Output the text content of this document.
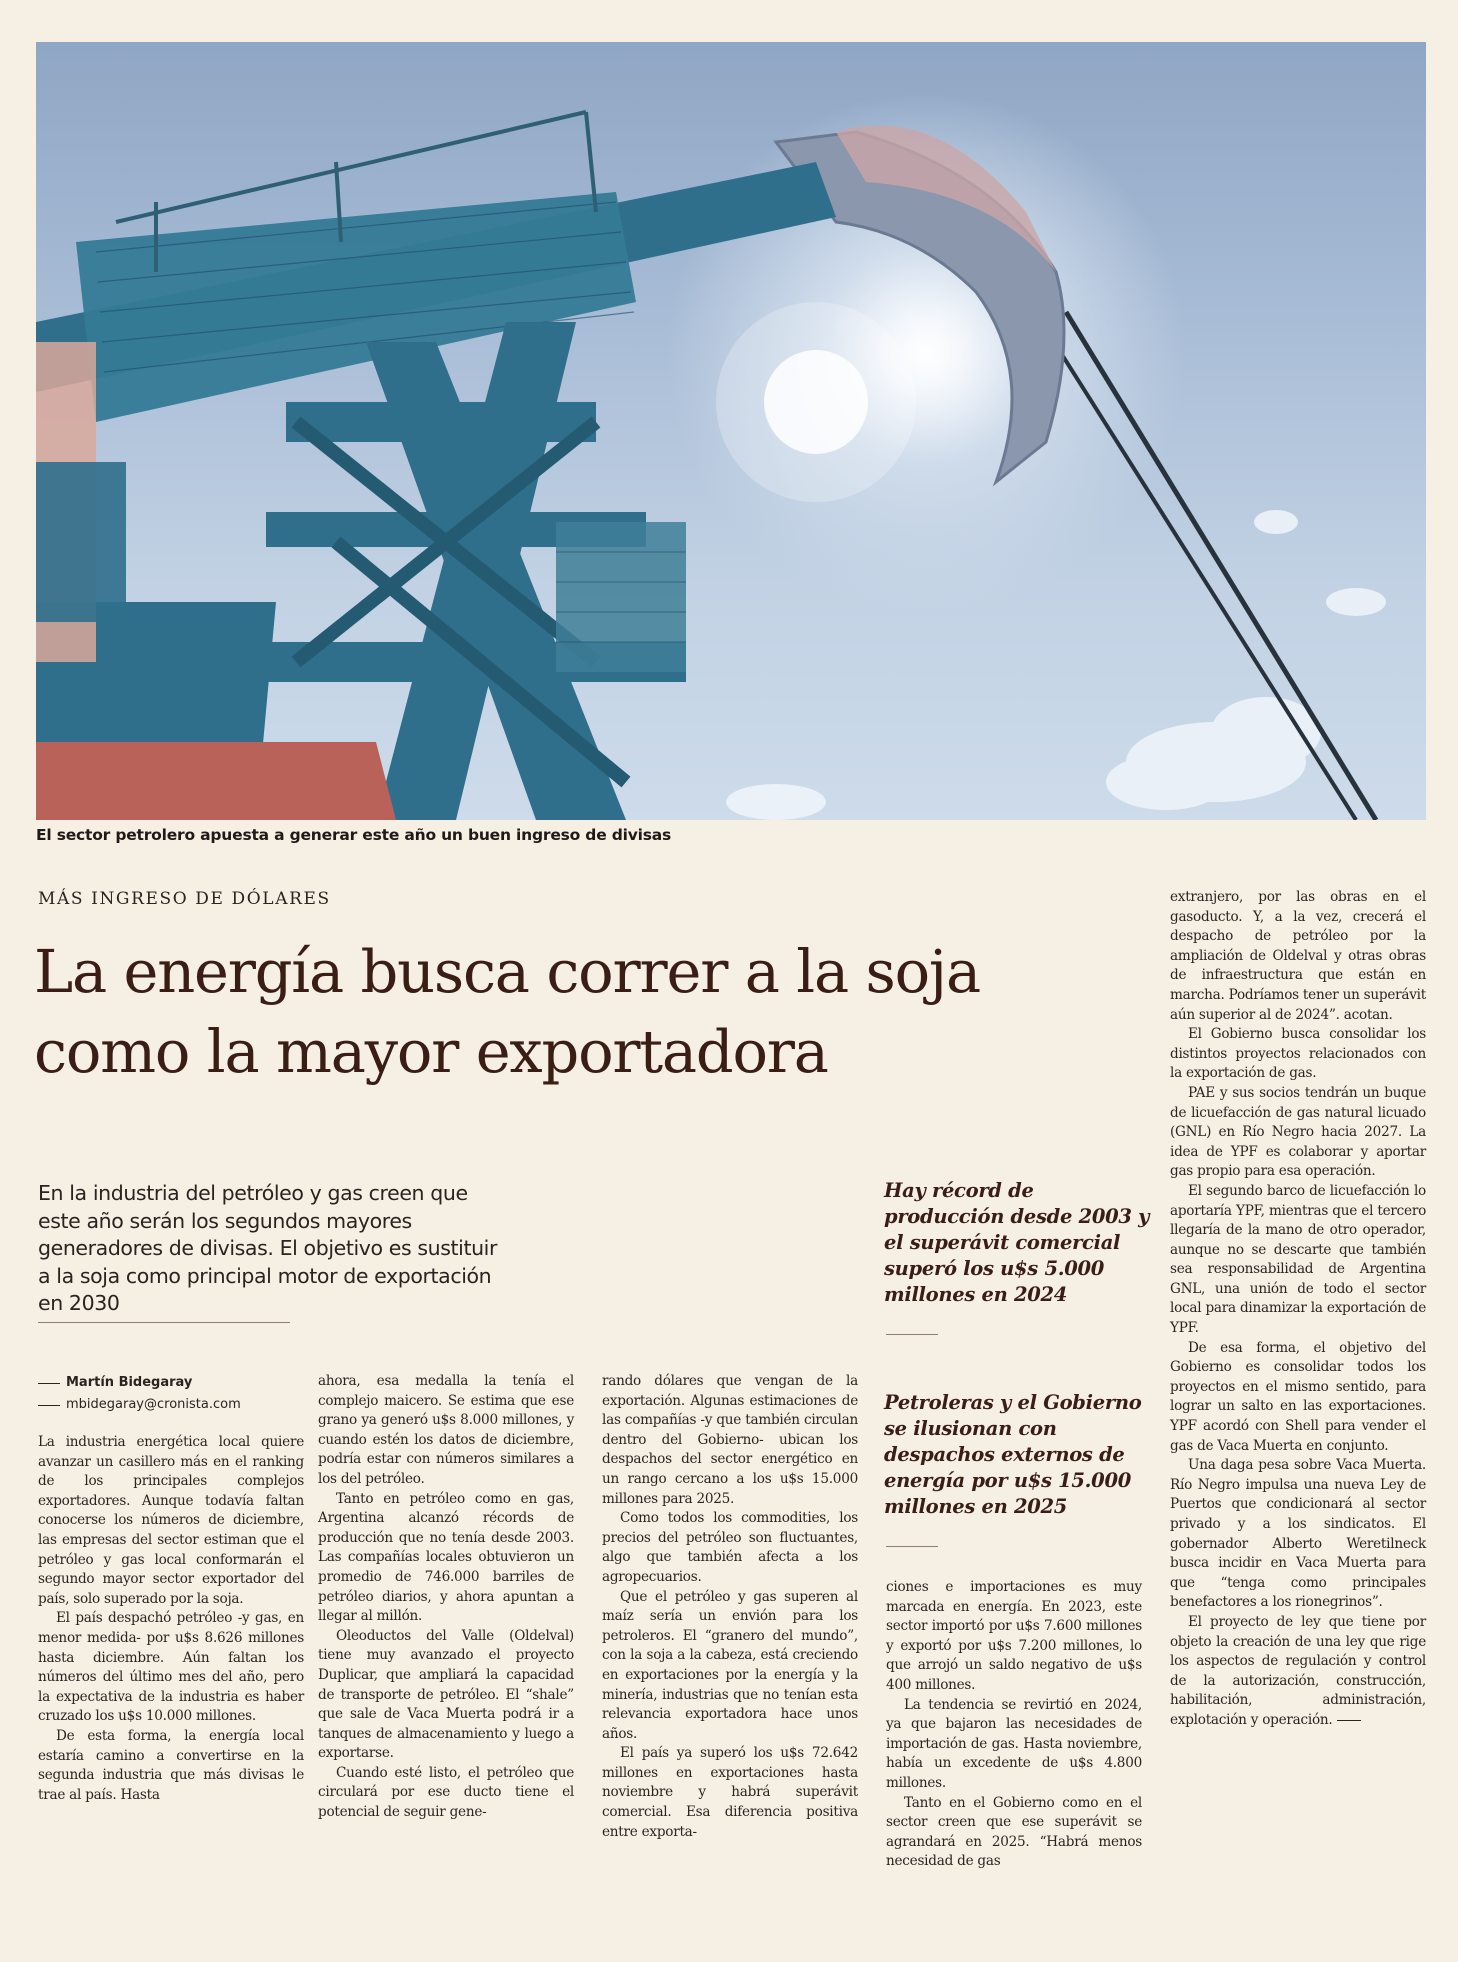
El sector petrolero apuesta a generar este año un buen ingreso de divisas
MÁS INGRESO DE DÓLARES
La energía busca correr a la soja
como la mayor exportadora
En la industria del petróleo y gas creen que este año serán los segundos mayores generadores de divisas. El objetivo es sustituir a la soja como principal motor de exportación en 2030
Martín Bidegaray
mbidegaray@cronista.com

La industria energética local quiere avanzar un casillero más en el ranking de los principales complejos exportadores. Aunque todavía faltan conocerse los números de diciembre, las empresas del sector estiman que el petróleo y gas local conformarán el segundo mayor sector exportador del país, solo superado por la soja.

El país despachó petróleo -y gas, en menor medida- por u$s 8.626 millones hasta diciembre. Aún faltan los números del último mes del año, pero la expectativa de la industria es haber cruzado los u$s 10.000 millones.

De esta forma, la energía local estaría camino a convertirse en la segunda industria que más divisas le trae al país. Hasta

ahora, esa medalla la tenía el complejo maicero. Se estima que ese grano ya generó u$s 8.000 millones, y cuando estén los datos de diciembre, podría estar con números similares a los del petróleo.

Tanto en petróleo como en gas, Argentina alcanzó récords de producción que no tenía desde 2003. Las compañías locales obtuvieron un promedio de 746.000 barriles de petróleo diarios, y ahora apuntan a llegar al millón.

Oleoductos del Valle (Oldelval) tiene muy avanzado el proyecto Duplicar, que ampliará la capacidad de transporte de petróleo. El “shale” que sale de Vaca Muerta podrá ir a tanques de almacenamiento y luego a exportarse.

Cuando esté listo, el petróleo que circulará por ese ducto tiene el potencial de seguir gene-

rando dólares que vengan de la exportación. Algunas estimaciones de las compañías -y que también circulan dentro del Gobierno- ubican los despachos del sector energético en un rango cercano a los u$s 15.000 millones para 2025.

Como todos los commodities, los precios del petróleo son fluctuantes, algo que también afecta a los agropecuarios.

Que el petróleo y gas superen al maíz sería un envión para los petroleros. El “granero del mundo”, con la soja a la cabeza, está creciendo en exportaciones por la energía y la minería, industrias que no tenían esta relevancia exportadora hace unos años.

El país ya superó los u$s 72.642 millones en exportaciones hasta noviembre y habrá superávit comercial. Esa diferencia positiva entre exporta-

Hay récord de producción desde 2003 y el superávit comercial superó los u$s 5.000 millones en 2024
Petroleras y el Gobierno se ilusionan con despachos externos de energía por u$s 15.000 millones en 2025

ciones e importaciones es muy marcada en energía. En 2023, este sector importó por u$s 7.600 millones y exportó por u$s 7.200 millones, lo que arrojó un saldo negativo de u$s 400 millones.

La tendencia se revirtió en 2024, ya que bajaron las necesidades de importación de gas. Hasta noviembre, había un excedente de u$s 4.800 millones.

Tanto en el Gobierno como en el sector creen que ese superávit se agrandará en 2025. “Habrá menos necesidad de gas

extranjero, por las obras en el gasoducto. Y, a la vez, crecerá el despacho de petróleo por la ampliación de Oldelval y otras obras de infraestructura que están en marcha. Podríamos tener un superávit aún superior al de 2024”. acotan.

El Gobierno busca consolidar los distintos proyectos relacionados con la exportación de gas.

PAE y sus socios tendrán un buque de licuefacción de gas natural licuado (GNL) en Río Negro hacia 2027. La idea de YPF es colaborar y aportar gas propio para esa operación.

El segundo barco de licuefacción lo aportaría YPF, mientras que el tercero llegaría de la mano de otro operador, aunque no se descarte que también sea responsabilidad de Argentina GNL, una unión de todo el sector local para dinamizar la exportación de YPF.

De esa forma, el objetivo del Gobierno es consolidar todos los proyectos en el mismo sentido, para lograr un salto en las exportaciones. YPF acordó con Shell para vender el gas de Vaca Muerta en conjunto.

Una daga pesa sobre Vaca Muerta. Río Negro impulsa una nueva Ley de Puertos que condicionará al sector privado y a los sindicatos. El gobernador Alberto Weretilneck busca incidir en Vaca Muerta para que “tenga como principales benefactores a los rionegrinos”.

El proyecto de ley que tiene por objeto la creación de una ley que rige los aspectos de regulación y control de la autorización, construcción, habilitación, administración, explotación y operación.
